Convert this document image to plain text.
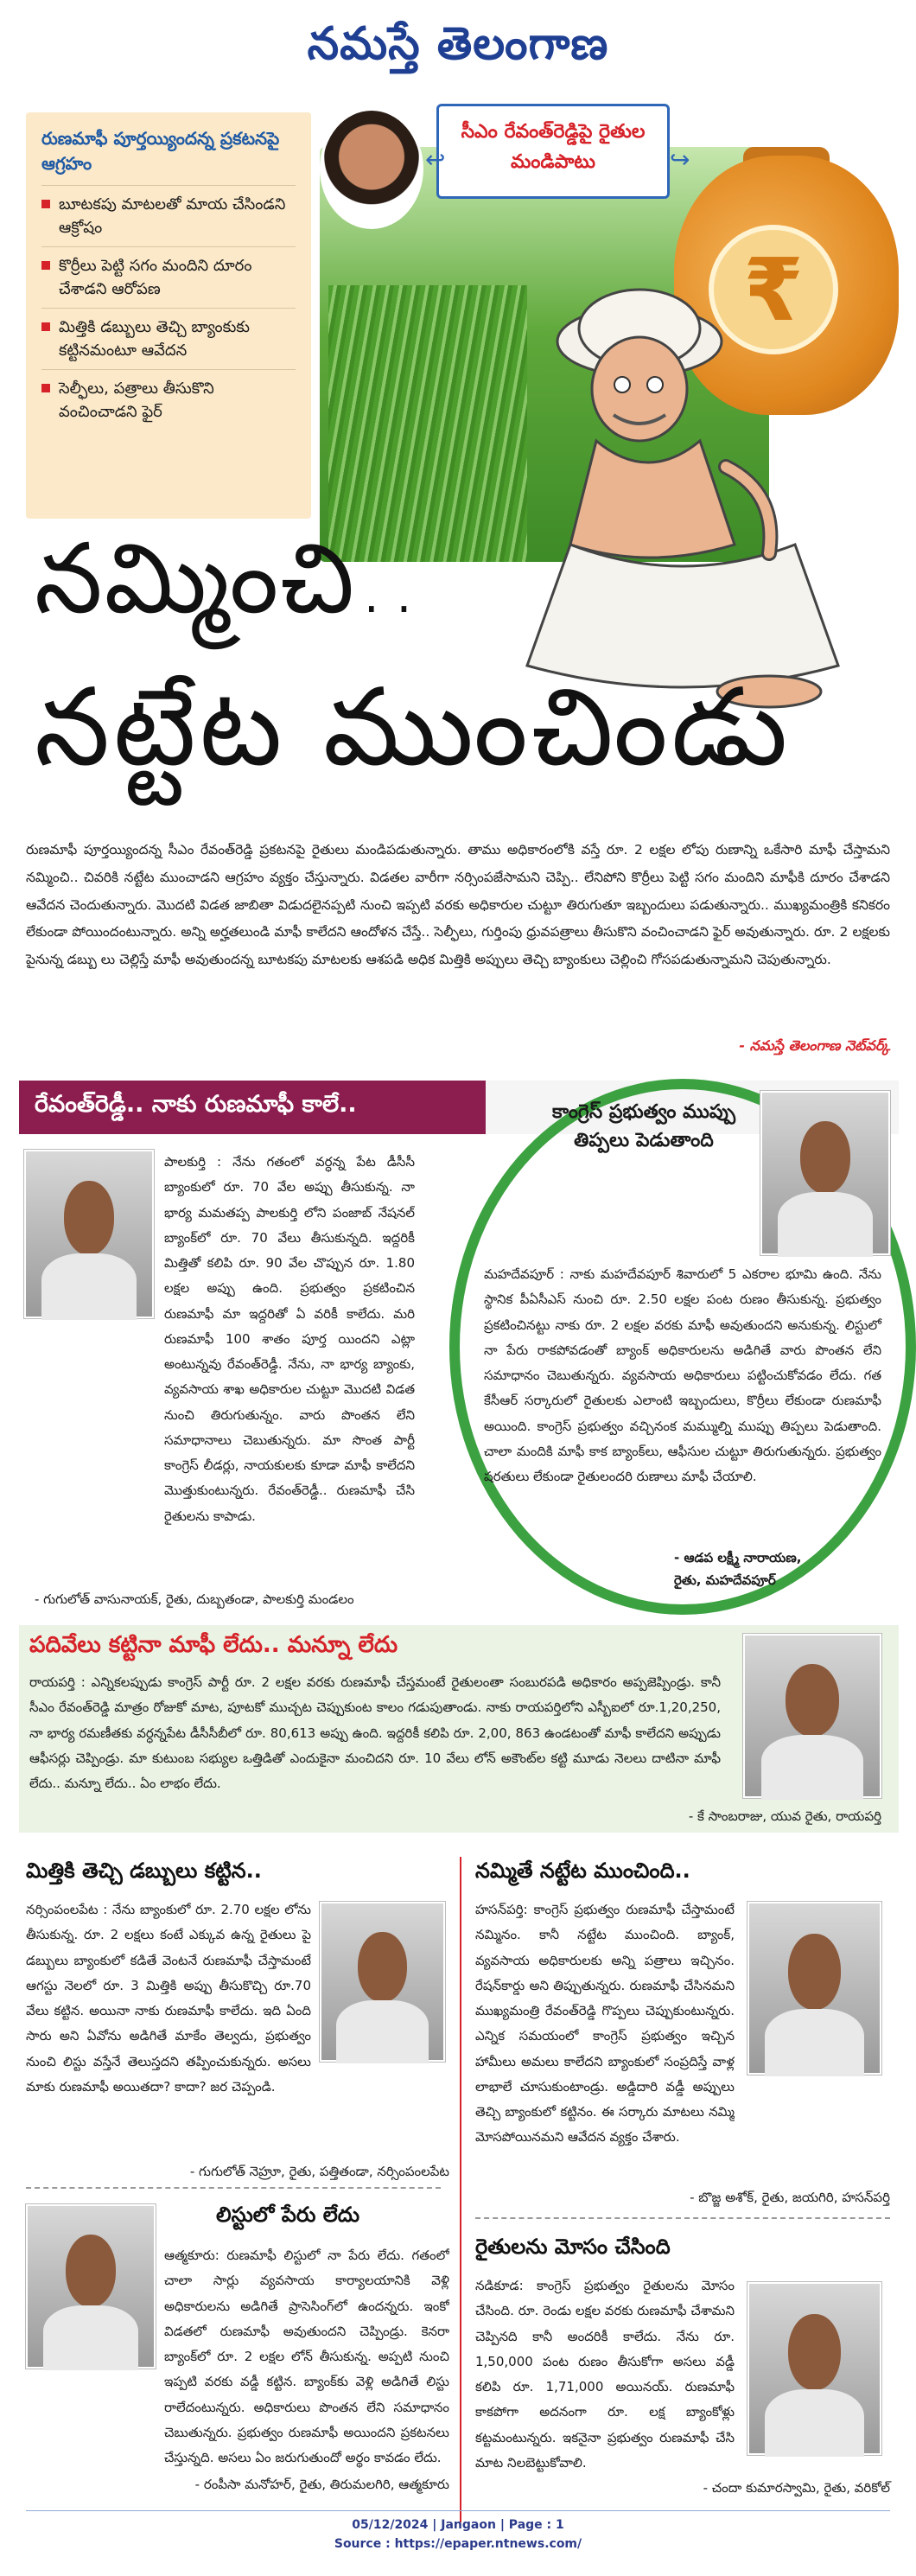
నమస్తే తెలంగాణ
₹
సీఎం రేవంత్‌రెడ్డిపై రైతుల మండిపాటు
↩	↪
రుణమాఫీ పూర్తయ్యిందన్న ప్రకటనపై ఆగ్రహం
బూటకపు మాటలతో మాయ చేసిండని ఆక్రోషం
కొర్రీలు పెట్టి సగం మందిని దూరం చేశాడని ఆరోపణ
మిత్తికి డబ్బులు తెచ్చి బ్యాంకుకు కట్టినమంటూ ఆవేదన
సెల్ఫీలు, పత్రాలు తీసుకొని వంచించాడని ఫైర్
నమ్మించి..
నట్టేట ముంచిండు
రుణమాఫీ పూర్తయ్యిందన్న సీఎం రేవంత్‌రెడ్డి ప్రకటనపై రైతులు మండిపడుతున్నారు. తాము అధికారంలోకి వస్తే రూ. 2 లక్షల లోపు రుణాన్ని ఒకేసారి మాఫీ చేస్తామని నమ్మించి.. చివరికి నట్టేట ముంచాడని ఆగ్రహం వ్యక్తం చేస్తున్నారు. విడతల వారీగా నర్సింపజేసామని చెప్పి.. లేనిపోని కొర్రీలు పెట్టి సగం మందిని మాఫీకి దూరం చేశాడని ఆవేదన చెందుతున్నారు. మొదటి విడత జాబితా విడుదలైనప్పటి నుంచి ఇప్పటి వరకు అధికారుల చుట్టూ తిరుగుతూ ఇబ్బందులు పడుతున్నారు.. ముఖ్యమంత్రికి కనికరం లేకుండా పోయిందంటున్నారు. అన్ని అర్హతలుండి మాఫీ కాలేదని ఆందోళన చేస్తే.. సెల్ఫీలు, గుర్తింపు ధ్రువపత్రాలు తీసుకొని వంచించాడని ఫైర్ అవుతున్నారు. రూ. 2 లక్షలకు పైనున్న డబ్బు లు చెల్లిస్తే మాఫీ అవుతుందన్న బూటకపు మాటలకు ఆశపడి అధిక మిత్తికి అప్పులు తెచ్చి బ్యాంకులు చెల్లించి గోసపడుతున్నామని చెపుతున్నారు.
- నమస్తే తెలంగాణ నెట్‌వర్క్
రేవంత్‌రెడ్డీ.. నాకు రుణమాఫీ కాలే..	కాంగ్రెస్ ప్రభుత్వం ముప్పు తిప్పలు పెడుతాంది
మహదేవపూర్ : నాకు మహదేవపూర్ శివారులో 5 ఎకరాల భూమి ఉంది. నేను స్థానిక పీఏసీఎస్ నుంచి రూ. 2.50 లక్షల పంట రుణం తీసుకున్న. ప్రభుత్వం ప్రకటించినట్టు నాకు రూ. 2 లక్షల వరకు మాఫీ అవుతుందని అనుకున్న. లిస్టులో నా పేరు రాకపోవడంతో బ్యాంక్ అధికారులను అడిగితే వారు పొంతన లేని సమాధానం చెబుతున్నరు. వ్యవసాయ అధికారులు పట్టించుకోవడం లేదు. గత కేసీఆర్ సర్కారులో రైతులకు ఎలాంటి ఇబ్బందులు, కొర్రీలు లేకుండా రుణమాఫీ అయింది. కాంగ్రెస్ ప్రభుత్వం వచ్చినంక మమ్ముల్ని ముప్పు తిప్పలు పెడుతాంది. చాలా మందికి మాఫీ కాక బ్యాంక్‌లు, ఆఫీసుల చుట్టూ తిరుగుతున్నరు. ప్రభుత్వం షరతులు లేకుండా రైతులందరి రుణాలు మాఫీ చేయాలి.
- ఆడప లక్ష్మీ నారాయణ,
రైతు, మహదేవపూర్
పాలకుర్తి : నేను గతంలో వర్ధన్న పేట డీసీసీ బ్యాంకులో రూ. 70 వేల అప్పు తీసుకున్న. నా భార్య మమతప్ప పాలకుర్తి లోని పంజాబ్ నేషనల్ బ్యాంక్‌లో రూ. 70 వేలు తీసుకున్నది. ఇద్దరికీ మిత్తితో కలిపి రూ. 90 వేల చొప్పున రూ. 1.80 లక్షల అప్పు ఉంది. ప్రభుత్వం ప్రకటించిన రుణమాఫీ మా ఇద్దరితో ఏ వరికీ కాలేదు. మరి రుణమాఫీ 100 శాతం పూర్త యిందని ఎట్లా అంటున్నవు రేవంత్‌రెడ్డీ. నేను, నా భార్య బ్యాంకు, వ్యవసాయ శాఖ అధికారుల చుట్టూ మొదటి విడత నుంచి తిరుగుతున్నం. వారు పొంతన లేని సమాధానాలు చెబుతున్నరు. మా సొంత పార్టీ కాంగ్రెస్ లీడర్లు, నాయకులకు కూడా మాఫీ కాలేదని మొత్తుకుంటున్నరు. రేవంత్‌రెడ్డీ.. రుణమాఫీ చేసి రైతులను కాపాడు.
- గుగులోత్ వాసునాయక్, రైతు, దుబ్బతండా, పాలకుర్తి మండలం
పదివేలు కట్టినా మాఫీ లేదు.. మన్నూ లేదు
రాయపర్తి : ఎన్నికలప్పుడు కాంగ్రెస్ పార్టీ రూ. 2 లక్షల వరకు రుణమాఫీ చేస్తమంటే రైతులంతా సంబురపడి అధికారం అప్పజెప్పిండ్రు. కానీ సీఎం రేవంత్‌రెడ్డి మాత్రం రోజుకో మాట, పూటకో ముచ్చట చెప్పుకుంట కాలం గడుపుతాండు. నాకు రాయపర్తిలోని ఎస్బీఐలో రూ.1,20,250, నా భార్య రమణీతకు వర్ధన్నపేట డీసీసీబీలో రూ. 80,613 అప్పు ఉంది. ఇద్దరికీ కలిపి రూ. 2,00, 863 ఉండటంతో మాఫీ కాలేదని అప్పుడు ఆఫీసర్లు చెప్పిండ్రు. మా కుటుంబ సభ్యుల ఒత్తిడితో ఎందుకైనా మంచిదని రూ. 10 వేలు లోన్ అకౌంట్‌ల కట్టి మూడు నెలలు దాటినా మాఫీ లేదు.. మన్నూ లేదు.. ఏం లాభం లేదు.
- కే సాంబరాజు, యువ రైతు, రాయపర్తి
మిత్తికి తెచ్చి డబ్బులు కట్టిన..
నర్సింపంలపేట : నేను బ్యాంకులో రూ. 2.70 లక్షల లోను తీసుకున్న. రూ. 2 లక్షలు కంటే ఎక్కువ ఉన్న రైతులు పై డబ్బులు బ్యాంకులో కడితే వెంటనే రుణమాఫీ చేస్తామంటే ఆగస్టు నెలలో రూ. 3 మిత్తికి అప్పు తీసుకొచ్చి రూ.70 వేలు కట్టిన. అయినా నాకు రుణమాఫీ కాలేదు. ఇది ఏంది సారు అని ఏవోను అడిగితే మాకేం తెల్వదు, ప్రభుత్వం నుంచి లిస్టు వస్తేనే తెలుస్తదని తప్పించుకున్నరు. అసలు మాకు రుణమాఫీ అయితదా? కాదా? జర చెప్పండి.
- గుగులోత్ నెహ్రూ, రైతు, పత్తితండా, నర్సింపంలపేట
నమ్మితే నట్టేట ముంచింది..
హసన్‌పర్తి: కాంగ్రెస్ ప్రభుత్వం రుణమాఫీ చేస్తామంటే నమ్మినం. కానీ నట్టేట ముంచింది. బ్యాంక్, వ్యవసాయ అధికారులకు అన్ని పత్రాలు ఇచ్చినం. రేషన్‌కార్డు అని తిప్పుతున్నరు. రుణమాఫీ చేసినమని ముఖ్యమంత్రి రేవంత్‌రెడ్డి గొప్పలు చెప్పుకుంటున్నరు. ఎన్నిక సమయంలో కాంగ్రెస్ ప్రభుత్వం ఇచ్చిన హామీలు అమలు కాలేదని బ్యాంకులో సంప్రదిస్తే వాళ్ల లాభాలే చూసుకుంటాండ్రు. అడ్డిదారి వడ్డీ అప్పులు తెచ్చి బ్యాంకులో కట్టినం. ఈ సర్కారు మాటలు నమ్మి మోసపోయినమని ఆవేదన వ్యక్తం చేశారు.
- బొజ్జ అశోక్, రైతు, జయగిరి, హసన్‌పర్తి
లిస్టులో పేరు లేదు
ఆత్మకూరు: రుణమాఫీ లిస్టులో నా పేరు లేదు. గతంలో చాలా సార్లు వ్యవసాయ కార్యాలయానికి వెళ్లి అధికారులను అడిగితే ప్రాసెసింగ్‌లో ఉందన్నరు. ఇంకో విడతలో రుణమాఫీ అవుతుందని చెప్పిండ్రు. కెనరా బ్యాంక్‌లో రూ. 2 లక్షల లోన్ తీసుకున్న. అప్పటి నుంచి ఇప్పటి వరకు వడ్డీ కట్టిన. బ్యాంక్‌కు వెళ్లి అడిగితే లిస్టు రాలేదంటున్నరు. అధికారులు పొంతన లేని సమాధానం చెబుతున్నరు. ప్రభుత్వం రుణమాఫీ అయిందని ప్రకటనలు చేస్తున్నది. అసలు ఏం జరుగుతుందో అర్థం కావడం లేదు.
- రంపీసా మనోహర్, రైతు, తిరుమలగిరి, ఆత్మకూరు
రైతులను మోసం చేసింది
నడికూడ: కాంగ్రెస్ ప్రభుత్వం రైతులను మోసం చేసింది. రూ. రెండు లక్షల వరకు రుణమాఫీ చేశామని చెప్పినది కానీ అందరికీ కాలేదు. నేను రూ. 1,50,000 పంట రుణం తీసుకోగా అసలు వడ్డీ కలిపి రూ. 1,71,000 అయినయ్. రుణమాఫీ కాకపోగా అదనంగా రూ. లక్ష బ్యాంకోళ్లు కట్టమంటున్నరు. ఇకనైనా ప్రభుత్వం రుణమాఫీ చేసి మాట నిలబెట్టుకోవాలి.
- చందా కుమారస్వామి, రైతు, వరికోల్
05/12/2024 | Jangaon | Page : 1
Source : https://epaper.ntnews.com/
